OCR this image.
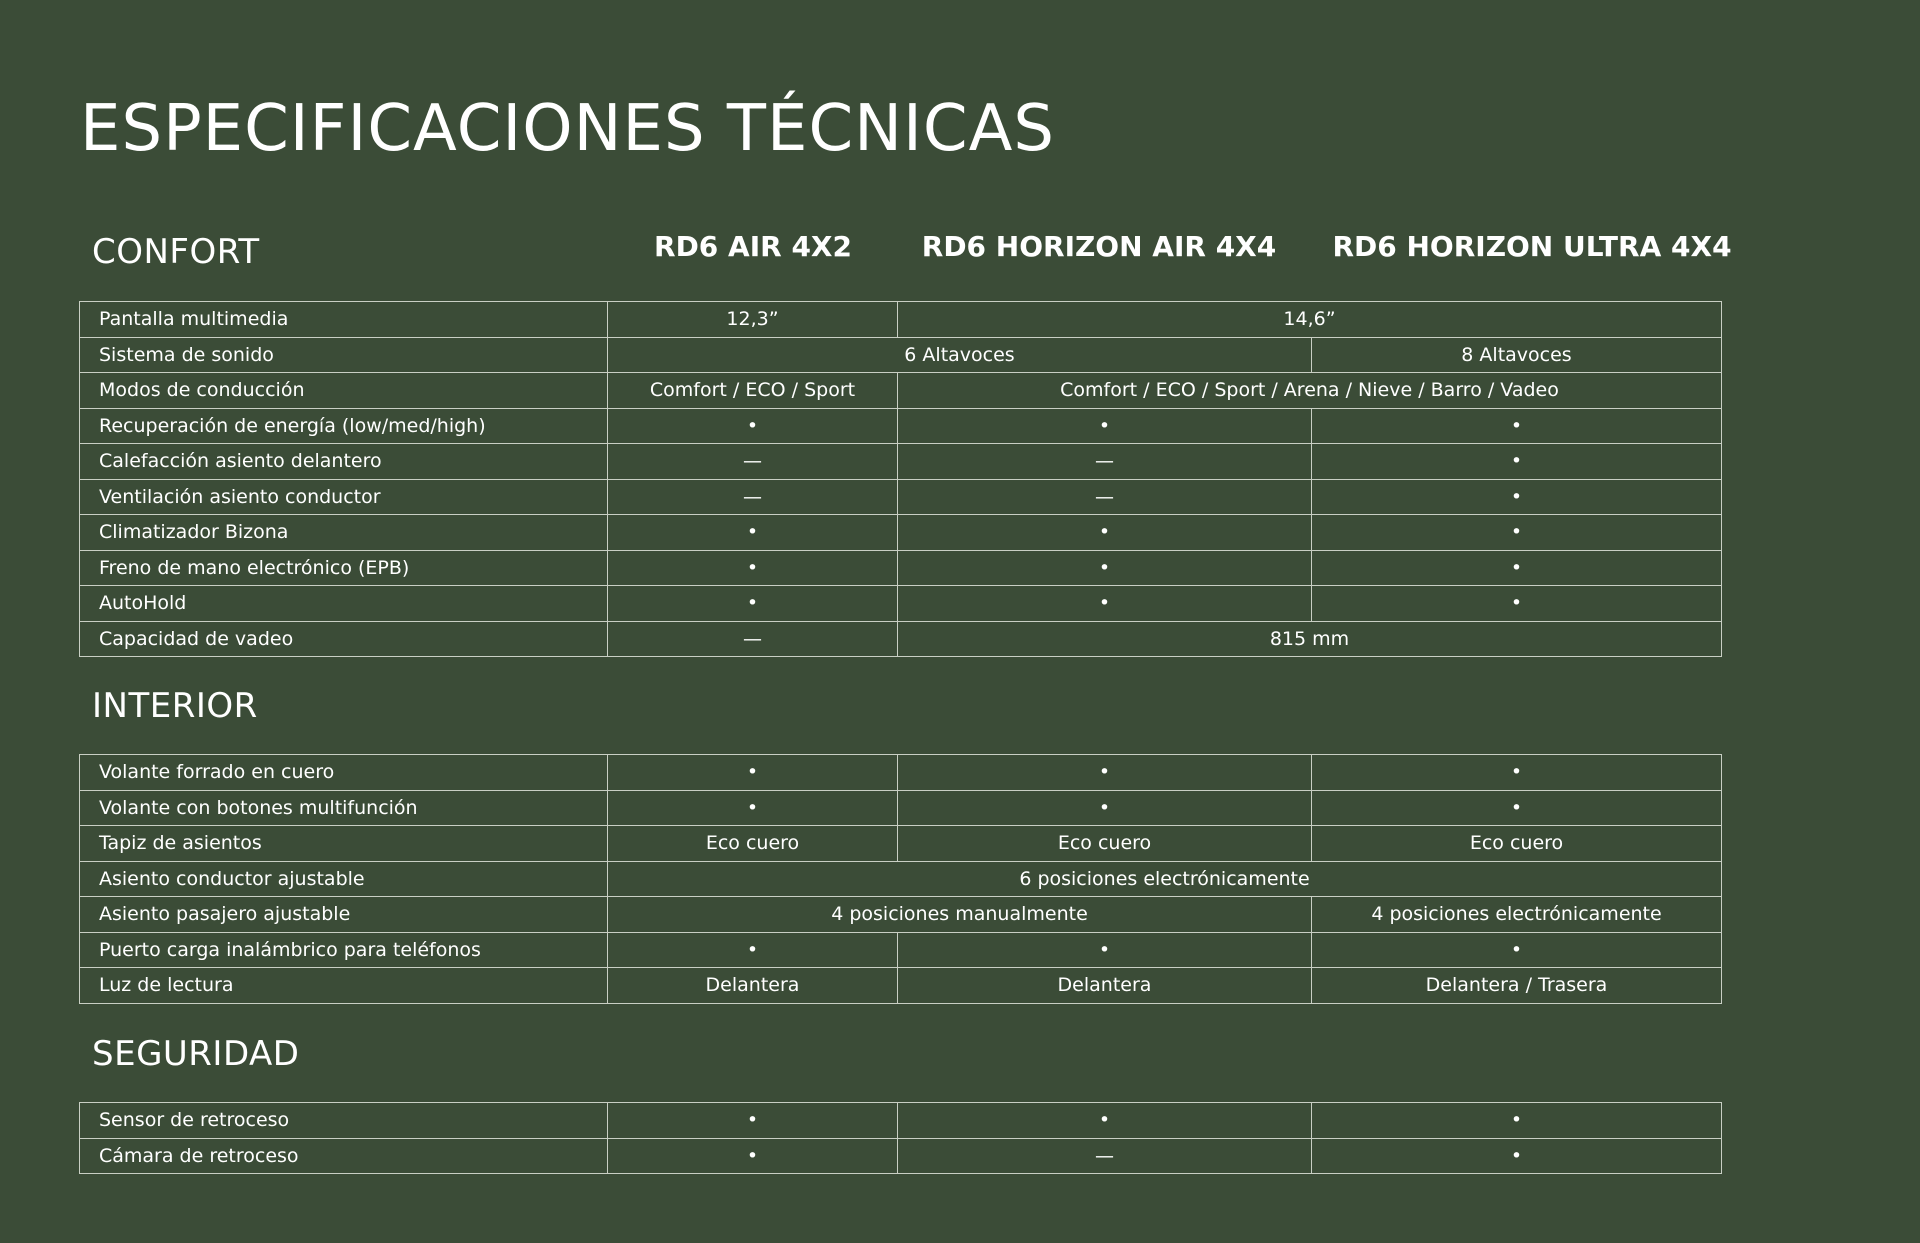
ESPECIFICACIONES TÉCNICAS
RD6 AIR 4X2 RD6 HORIZON AIR 4X4 RD6 HORIZON ULTRA 4X4
CONFORT
Pantalla multimedia	12,3”	14,6”	
Sistema de sonido	6 Altavoces		8 Altavoces
Modos de conducción	Comfort / ECO / Sport	Comfort / ECO / Sport / Arena / Nieve / Barro / Vadeo	
Recuperación de energía (low/med/high)	•	•	•
Calefacción asiento delantero	—	—	•
Ventilación asiento conductor	—	—	•
Climatizador Bizona	•	•	•
Freno de mano electrónico (EPB)	•	•	•
AutoHold	•	•	•
Capacidad de vadeo	—	815 mm	
INTERIOR
Volante forrado en cuero	•	•	•
Volante con botones multifunción	•	•	•
Tapiz de asientos	Eco cuero	Eco cuero	Eco cuero
Asiento conductor ajustable	6 posiciones electrónicamente		
Asiento pasajero ajustable	4 posiciones manualmente		4 posiciones electrónicamente
Puerto carga inalámbrico para teléfonos	•	•	•
Luz de lectura	Delantera	Delantera	Delantera / Trasera
SEGURIDAD
Sensor de retroceso	•	•	•
Cámara de retroceso	•	—	•
